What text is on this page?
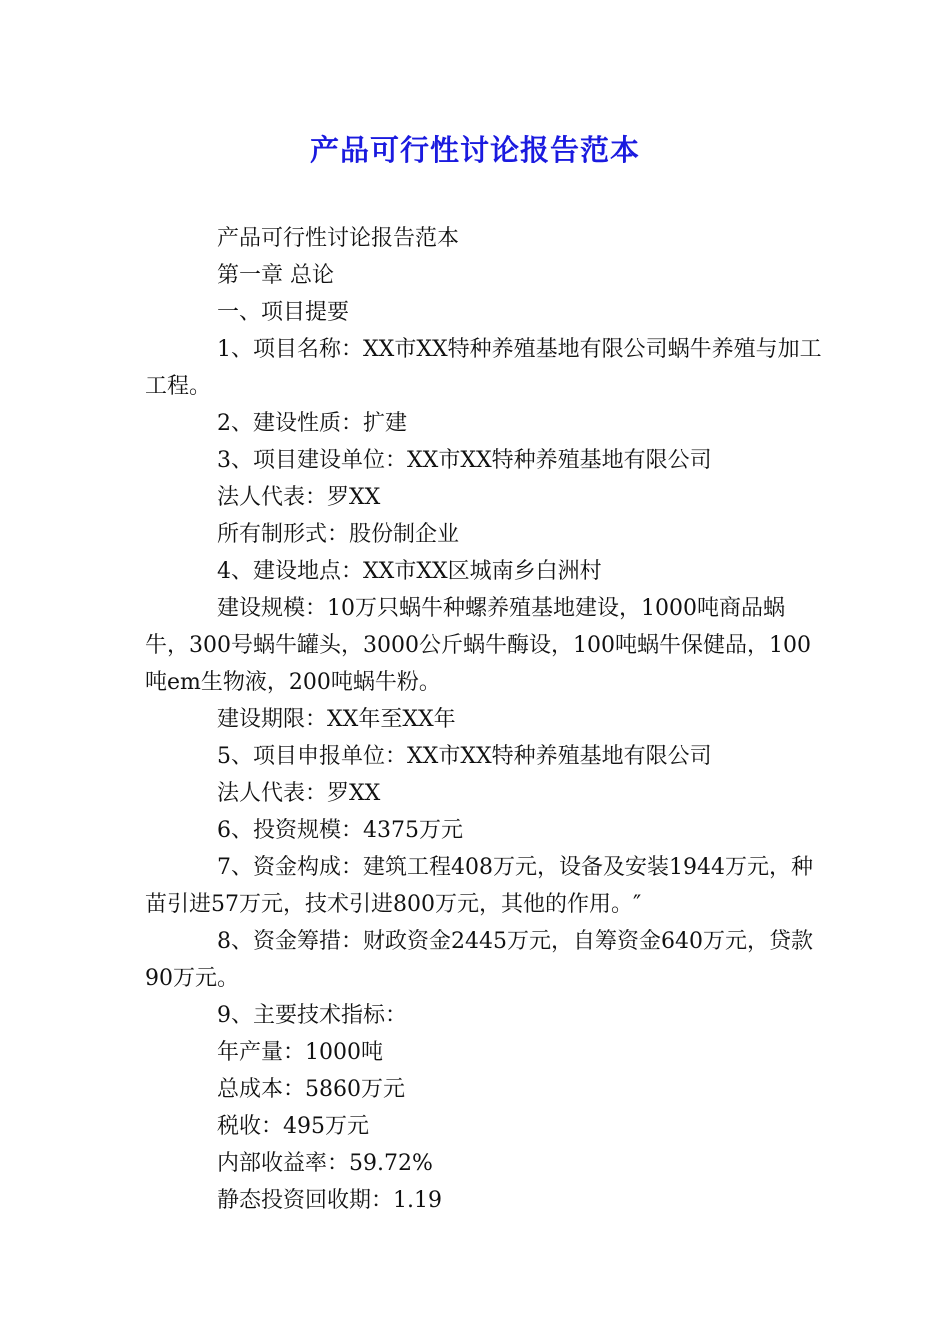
产品可行性讨论报告范本

产品可行性讨论报告范本

第一章 总论

一、项目提要

1、项目名称：XX市XX特种养殖基地有限公司蜗牛养殖与加工工程。

2、建设性质：扩建

3、项目建设单位：XX市XX特种养殖基地有限公司

法人代表：罗XX

所有制形式：股份制企业

4、建设地点：XX市XX区城南乡白洲村

建设规模：10万只蜗牛种螺养殖基地建设，1000吨商品蜗牛，300号蜗牛罐头，3000公斤蜗牛酶设，100吨蜗牛保健品，100吨em生物液，200吨蜗牛粉。

建设期限：XX年至XX年

5、项目申报单位：XX市XX特种养殖基地有限公司

法人代表：罗XX

6、投资规模：4375万元

7、资金构成：建筑工程408万元，设备及安装1944万元，种苗引进57万元，技术引进800万元，其他的作用。″

8、资金筹措：财政资金2445万元，自筹资金640万元，贷款90万元。

9、主要技术指标：

年产量：1000吨

总成本：5860万元

税收：495万元

内部收益率：59.72%

静态投资回收期：1.19
